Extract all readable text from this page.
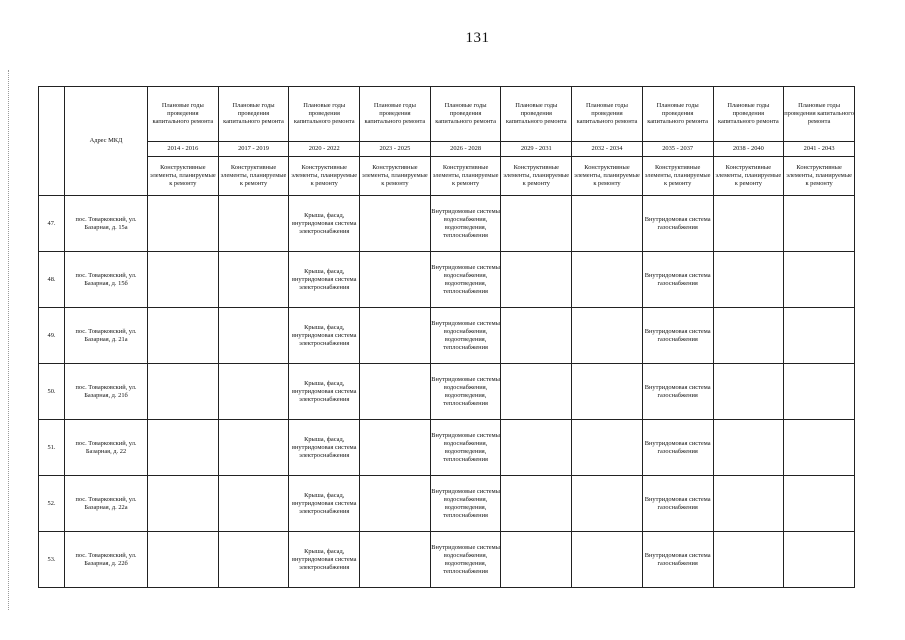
131
	Адрес МКД	Плановые годы проведения капитального ремонта	Плановые годы проведения капитального ремонта	Плановые годы проведения капитального ремонта	Плановые годы проведения капитального ремонта	Плановые годы проведения капитального ремонта	Плановые годы проведения капитального ремонта	Плановые годы проведения капитального ремонта	Плановые годы проведения капитального ремонта	Плановые годы проведения капитального ремонта	Плановые годы проведения капитального ремонта
		2014 - 2016	2017 - 2019	2020 - 2022	2023 - 2025	2026 - 2028	2029 - 2031	2032 - 2034	2035 - 2037	2038 - 2040	2041 - 2043
		Конструктивные элементы, планируемые к ремонту	Конструктивные элементы, планируемые к ремонту	Конструктивные элементы, планируемые к ремонту	Конструктивные элементы, планируемые к ремонту	Конструктивные элементы, планируемые к ремонту	Конструктивные элементы, планируемые к ремонту	Конструктивные элементы, планируемые к ремонту	Конструктивные элементы, планируемые к ремонту	Конструктивные элементы, планируемые к ремонту	Конструктивные элементы, планируемые к ремонту
47.	пос. Товарковский, ул. Базарная, д. 15а			Крыша, фасад, внутридомовая система электроснабжения		Внутридомовые системы водоснабжения, водоотведения, теплоснабжения			Внутридомовая система газоснабжения		
48.	пос. Товарковский, ул. Базарная, д. 15б			Крыша, фасад, внутридомовая система электроснабжения		Внутридомовые системы водоснабжения, водоотведения, теплоснабжения			Внутридомовая система газоснабжения		
49.	пос. Товарковский, ул. Базарная, д. 21а			Крыша, фасад, внутридомовая система электроснабжения		Внутридомовые системы водоснабжения, водоотведения, теплоснабжения			Внутридомовая система газоснабжения		
50.	пос. Товарковский, ул. Базарная, д. 21б			Крыша, фасад, внутридомовая система электроснабжения		Внутридомовые системы водоснабжения, водоотведения, теплоснабжения			Внутридомовая система газоснабжения		
51.	пос. Товарковский, ул. Базарная, д. 22			Крыша, фасад, внутридомовая система электроснабжения		Внутридомовые системы водоснабжения, водоотведения, теплоснабжения			Внутридомовая система газоснабжения		
52.	пос. Товарковский, ул. Базарная, д. 22а			Крыша, фасад, внутридомовая система электроснабжения		Внутридомовые системы водоснабжения, водоотведения, теплоснабжения			Внутридомовая система газоснабжения		
53.	пос. Товарковский, ул. Базарная, д. 22б			Крыша, фасад, внутридомовая система электроснабжения		Внутридомовые системы водоснабжения, водоотведения, теплоснабжения			Внутридомовая система газоснабжения		
